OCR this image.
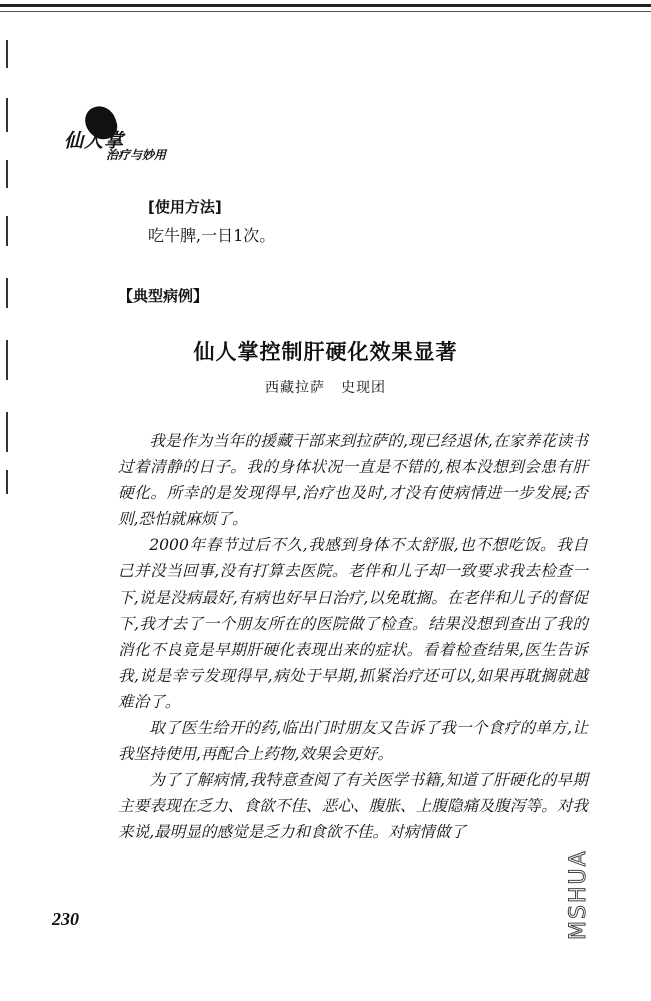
仙人掌
治疗与妙用
[使用方法]
吃牛脾,一日1次。
【典型病例】
仙人掌控制肝硬化效果显著
西藏拉萨 史现团

我是作为当年的援藏干部来到拉萨的,现已经退休,在家养花读书过着清静的日子。我的身体状况一直是不错的,根本没想到会患有肝硬化。所幸的是发现得早,治疗也及时,才没有使病情进一步发展;否则,恐怕就麻烦了。

2000年春节过后不久,我感到身体不太舒服,也不想吃饭。我自己并没当回事,没有打算去医院。老伴和儿子却一致要求我去检查一下,说是没病最好,有病也好早日治疗,以免耽搁。在老伴和儿子的督促下,我才去了一个朋友所在的医院做了检查。结果没想到查出了我的消化不良竟是早期肝硬化表现出来的症状。看着检查结果,医生告诉我,说是幸亏发现得早,病处于早期,抓紧治疗还可以,如果再耽搁就越难治了。

取了医生给开的药,临出门时朋友又告诉了我一个食疗的单方,让我坚持使用,再配合上药物,效果会更好。

为了了解病情,我特意查阅了有关医学书籍,知道了肝硬化的早期主要表现在乏力、食欲不佳、恶心、腹胀、上腹隐痛及腹泻等。对我来说,最明显的感觉是乏力和食欲不佳。对病情做了

230	MSHUA
